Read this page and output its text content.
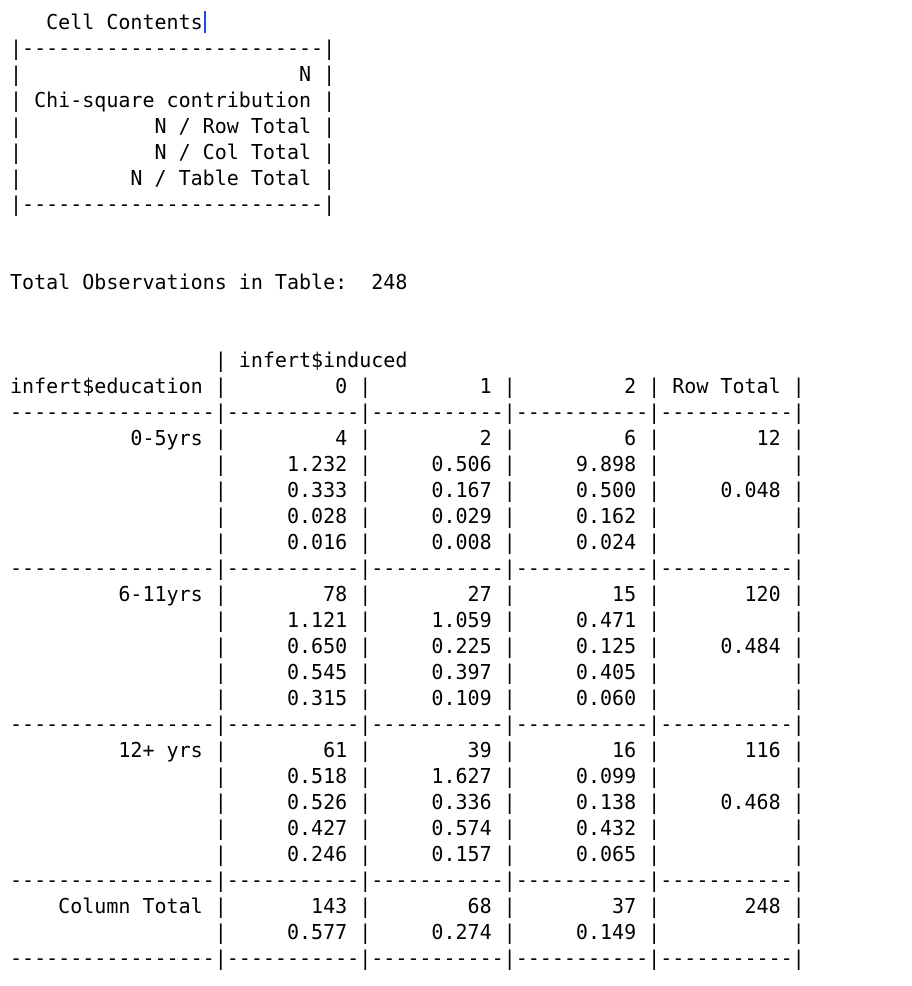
Cell Contents
|-------------------------|
|                       N |
| Chi-square contribution |
|           N / Row Total |
|           N / Col Total |
|         N / Table Total |
|-------------------------|
Total Observations in Table:  248
| infert$induced
infert$education |         0 |         1 |         2 | Row Total |
-----------------|-----------|-----------|-----------|-----------|
0-5yrs |         4 |         2 |         6 |        12 |
|     1.232 |     0.506 |     9.898 |           |
|     0.333 |     0.167 |     0.500 |     0.048 |
|     0.028 |     0.029 |     0.162 |           |
|     0.016 |     0.008 |     0.024 |           |
-----------------|-----------|-----------|-----------|-----------|
6-11yrs |        78 |        27 |        15 |       120 |
|     1.121 |     1.059 |     0.471 |           |
|     0.650 |     0.225 |     0.125 |     0.484 |
|     0.545 |     0.397 |     0.405 |           |
|     0.315 |     0.109 |     0.060 |           |
-----------------|-----------|-----------|-----------|-----------|
12+ yrs |        61 |        39 |        16 |       116 |
|     0.518 |     1.627 |     0.099 |           |
|     0.526 |     0.336 |     0.138 |     0.468 |
|     0.427 |     0.574 |     0.432 |           |
|     0.246 |     0.157 |     0.065 |           |
-----------------|-----------|-----------|-----------|-----------|
Column Total |       143 |        68 |        37 |       248 |
|     0.577 |     0.274 |     0.149 |           |
-----------------|-----------|-----------|-----------|-----------|
